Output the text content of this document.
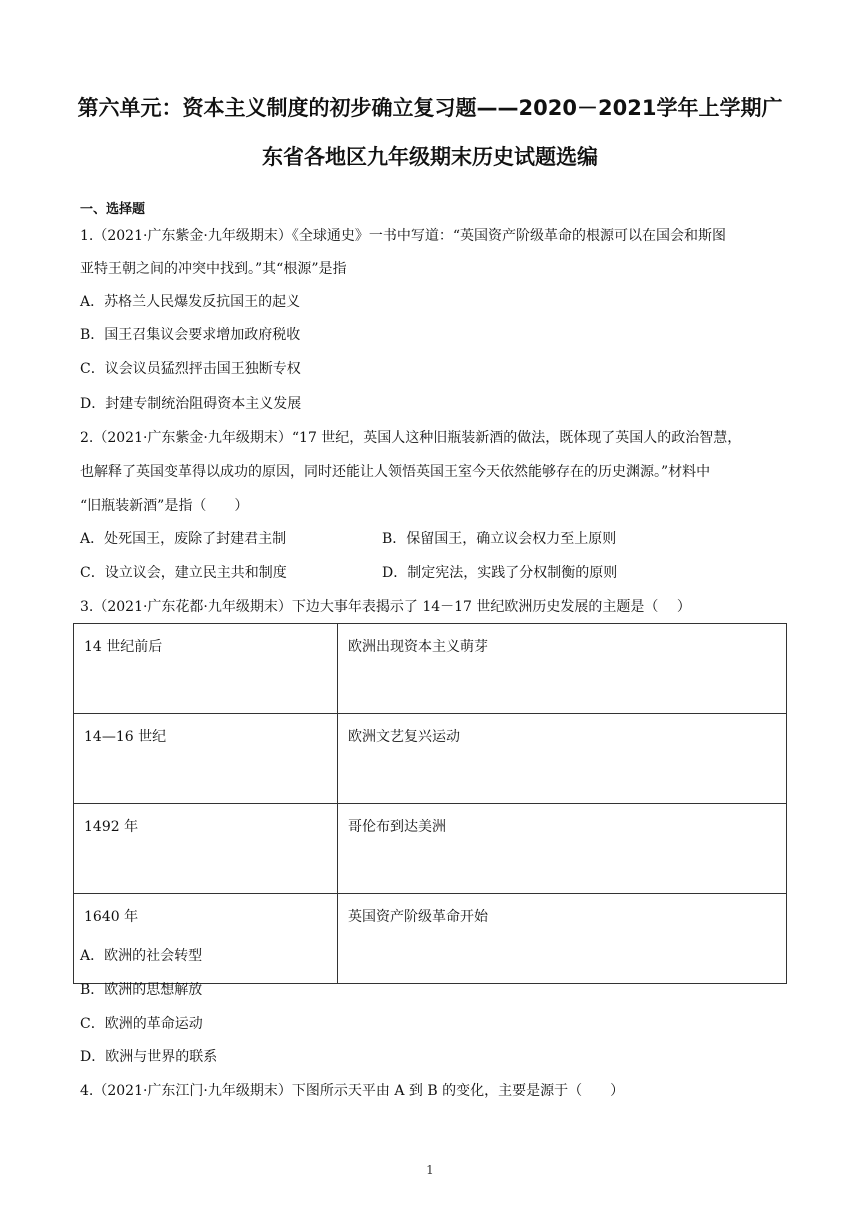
第六单元：资本主义制度的初步确立复习题——2020－2021学年上学期广
东省各地区九年级期末历史试题选编
一、选择题
1.（2021·广东紫金·九年级期末）《全球通史》一书中写道：“英国资产阶级革命的根源可以在国会和斯图
亚特王朝之间的冲突中找到。”其“根源”是指
A．苏格兰人民爆发反抗国王的起义
B．国王召集议会要求增加政府税收
C．议会议员猛烈抨击国王独断专权
D．封建专制统治阻碍资本主义发展
2.（2021·广东紫金·九年级期末）“17 世纪，英国人这种旧瓶装新酒的做法，既体现了英国人的政治智慧，
也解释了英国变革得以成功的原因，同时还能让人领悟英国王室今天依然能够存在的历史渊源。”材料中
“旧瓶装新酒”是指（　　）
A．处死国王，废除了封建君主制	B．保留国王，确立议会权力至上原则
C．设立议会，建立民主共和制度	D．制定宪法，实践了分权制衡的原则
3.（2021·广东花都·九年级期末）下边大事年表揭示了 14－17 世纪欧洲历史发展的主题是（　 ）
14 世纪前后	欧洲出现资本主义萌芽
14—16 世纪	欧洲文艺复兴运动
1492 年	哥伦布到达美洲
1640 年	英国资产阶级革命开始
A．欧洲的社会转型
B．欧洲的思想解放
C．欧洲的革命运动
D．欧洲与世界的联系
4.（2021·广东江门·九年级期末）下图所示天平由 A 到 B 的变化，主要是源于（　　）
1
